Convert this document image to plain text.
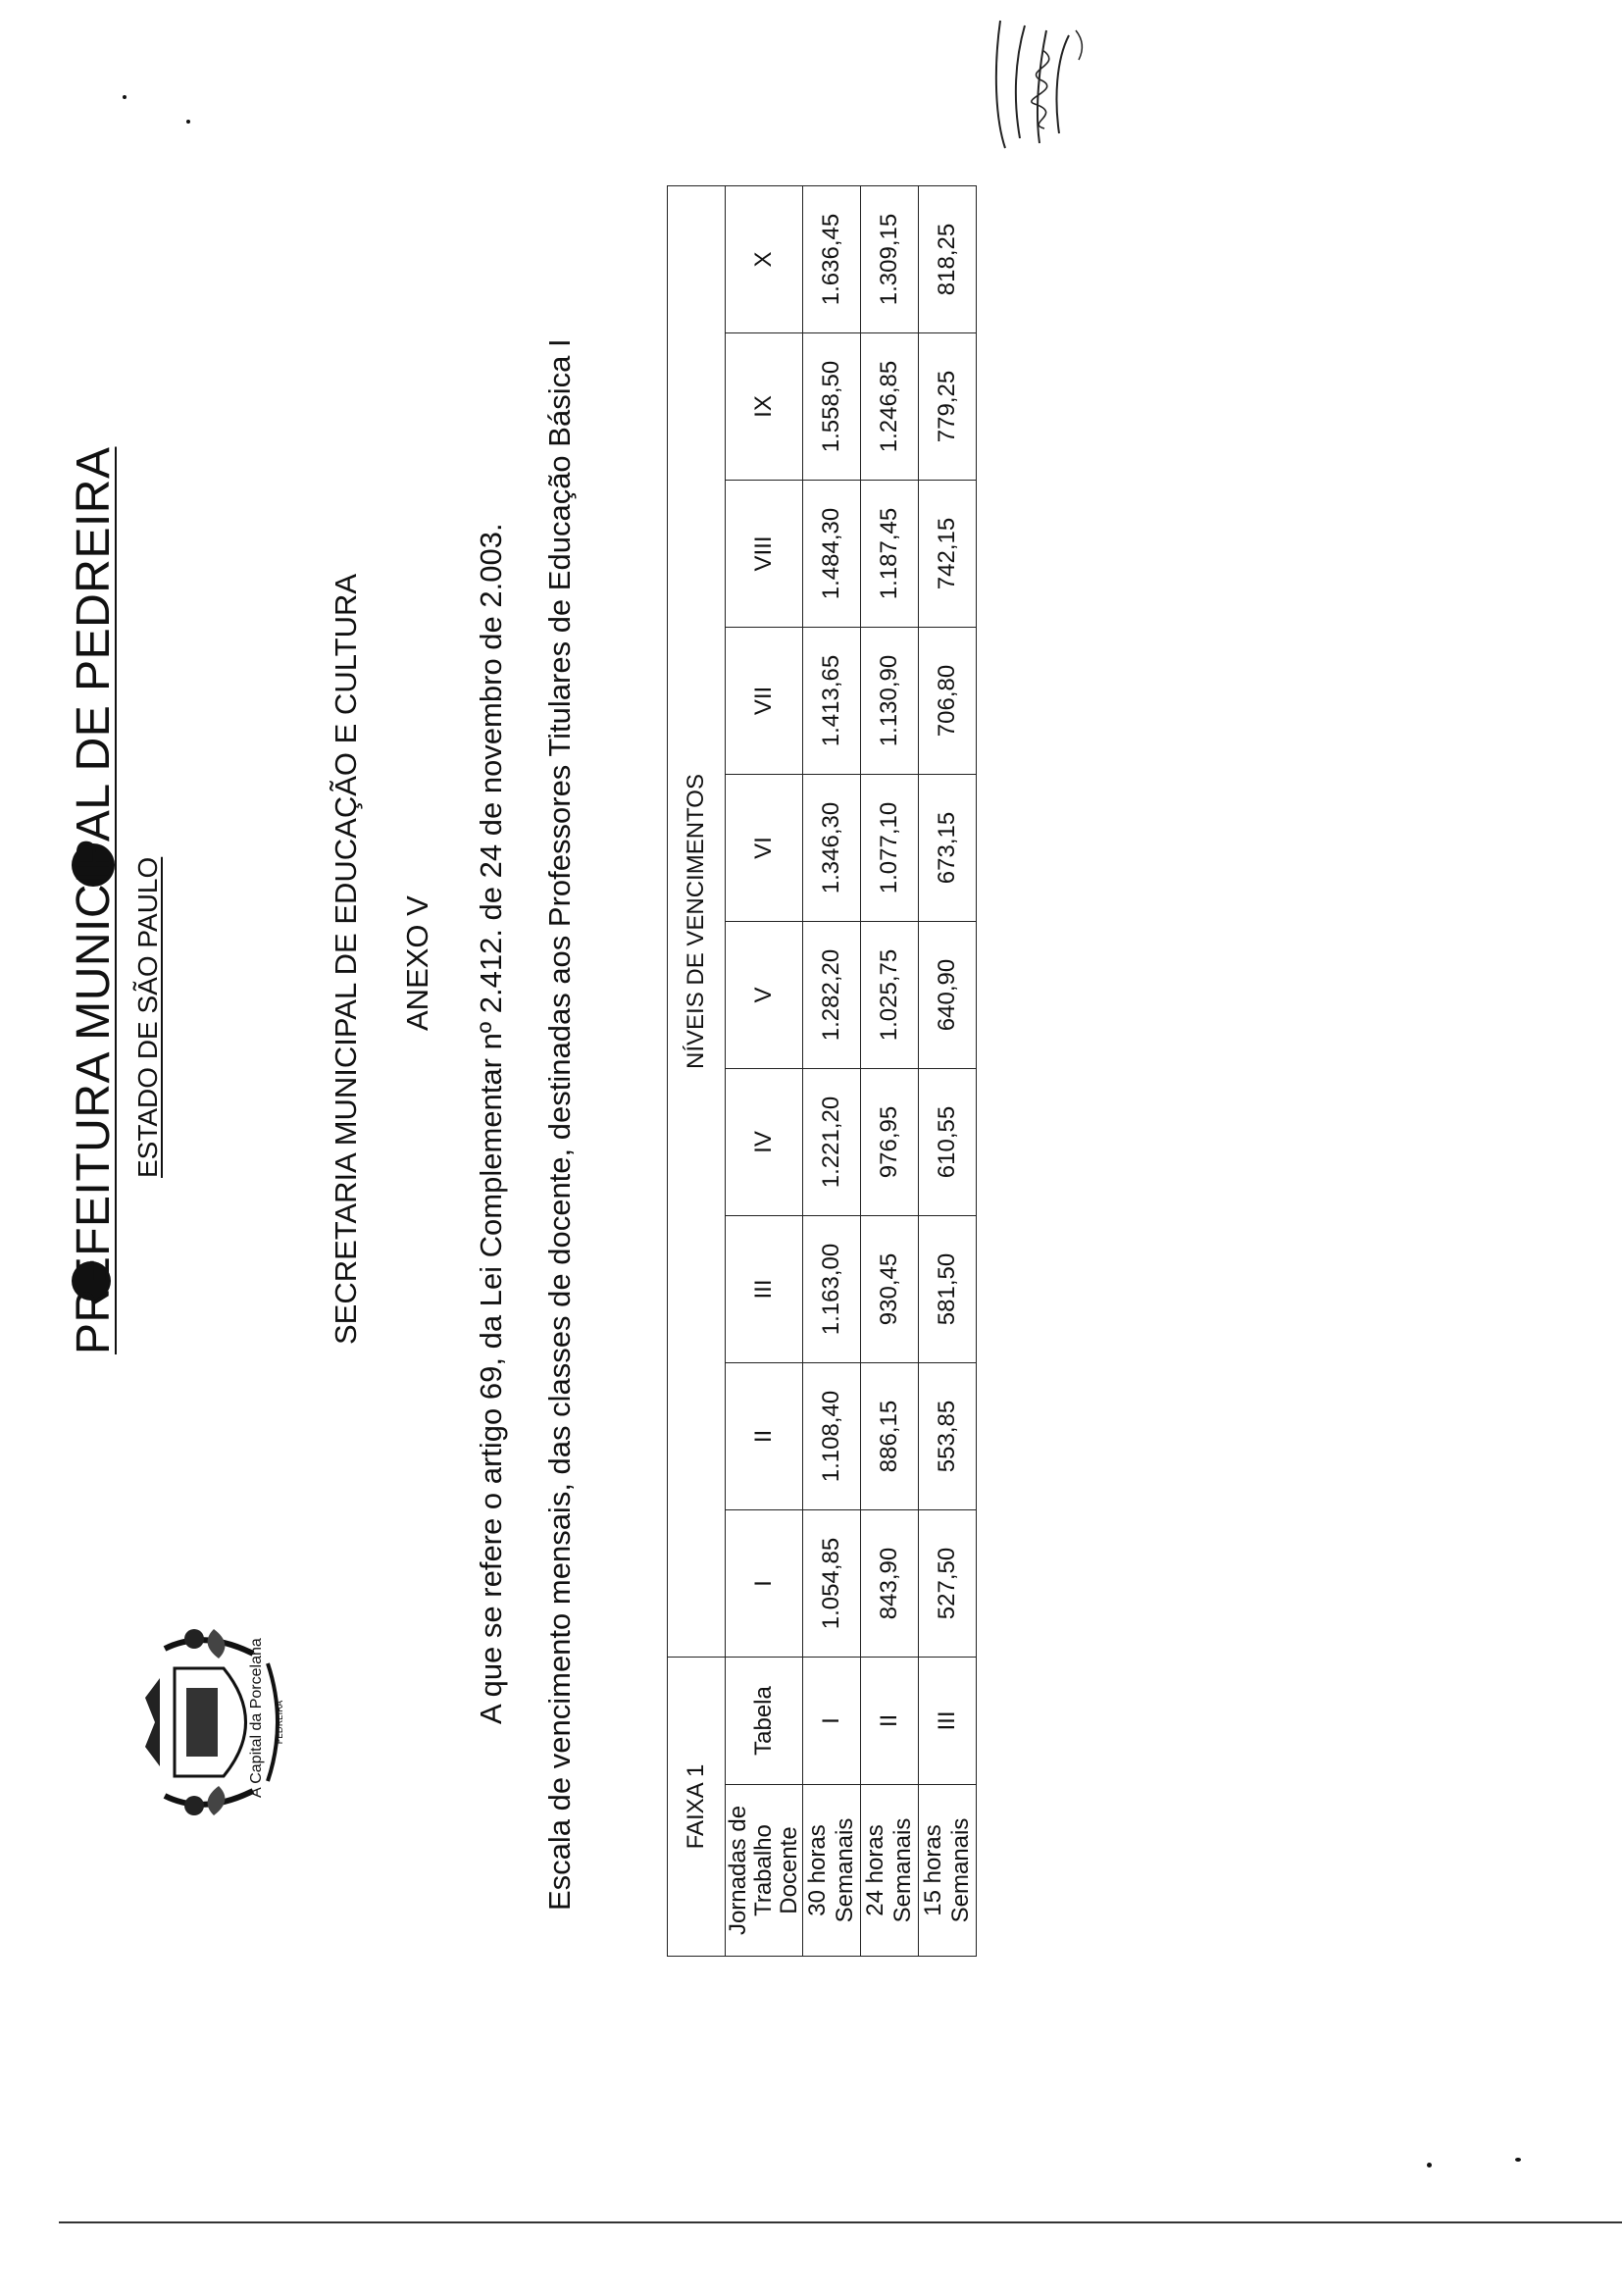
PEDREIRA
A Capital da Porcelana
PREFEITURA MUNICIPAL DE PEDREIRA ESTADO DE SÃO PAULO	SECRETARIA MUNICIPAL DE EDUCAÇÃO E CULTURA ANEXO V A que se refere o artigo 69, da Lei Complementar nº 2.412. de 24 de novembro de 2.003. Escala de vencimento mensais, das classes de docente, destinadas aos Professores Titulares de Educação Básica I	FAIXA 1		NÍVEIS DE VENCIMENTOS									
Jornadas de Trabalho Docente	Tabela	I	II	III	IV	V	VI	VII	VIII	IX	X
30 horas Semanais	I	1.054,85	1.108,40	1.163,00	1.221,20	1.282,20	1.346,30	1.413,65	1.484,30	1.558,50	1.636,45
24 horas Semanais	II	843,90	886,15	930,45	976,95	1.025,75	1.077,10	1.130,90	1.187,45	1.246,85	1.309,15
15 horas Semanais	III	527,50	553,85	581,50	610,55	640,90	673,15	706,80	742,15	779,25	818,25
